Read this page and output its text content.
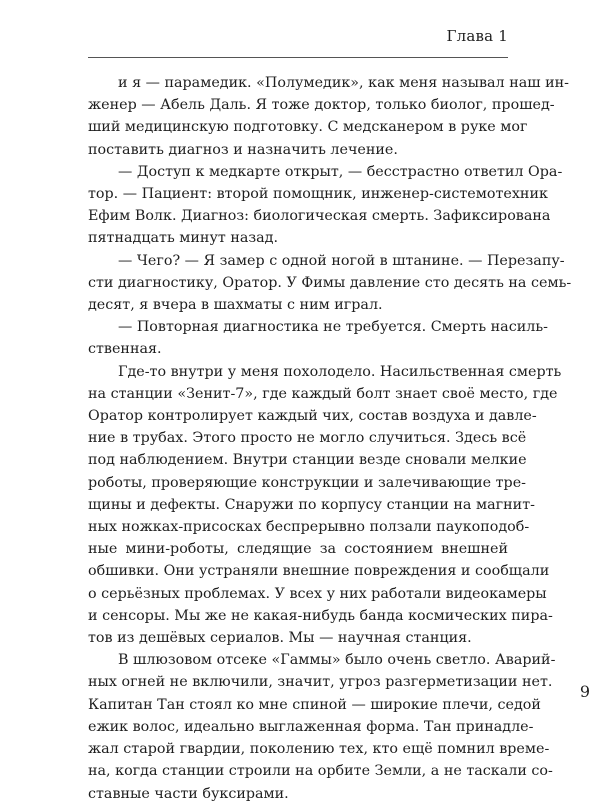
Глава 1

и я — парамедик. «Полумедик», как меня называл наш ин-
женер — Абель Даль. Я тоже доктор, только биолог, прошед-
ший медицинскую подготовку. С медсканером в руке мог
поставить диагноз и назначить лечение.

— Доступ к медкарте открыт, — бесстрастно ответил Ора-
тор. — Пациент: второй помощник, инженер-системотехник
Ефим Волк. Диагноз: биологическая смерть. Зафиксирована
пятнадцать минут назад.

— Чего? — Я замер с одной ногой в штанине. — Перезапу-
сти диагностику, Оратор. У Фимы давление сто десять на семь-
десят, я вчера в шахматы с ним играл.

— Повторная диагностика не требуется. Смерть насиль-
ственная.

Где-то внутри у меня похолодело. Насильственная смерть
на станции «Зенит-7», где каждый болт знает своё место, где
Оратор контролирует каждый чих, состав воздуха и давле-
ние в трубах. Этого просто не могло случиться. Здесь всё
под наблюдением. Внутри станции везде сновали мелкие
роботы, проверяющие конструкции и залечивающие тре-
щины и дефекты. Снаружи по корпусу станции на магнит-
ных ножках-присосках беспрерывно ползали паукоподоб-
ные мини-роботы, следящие за состоянием внешней
обшивки. Они устраняли внешние повреждения и сообщали
о серьёзных проблемах. У всех у них работали видеокамеры
и сенсоры. Мы же не какая-нибудь банда космических пира-
тов из дешёвых сериалов. Мы — научная станция.

В шлюзовом отсеке «Гаммы» было очень светло. Аварий-
ных огней не включили, значит, угроз разгерметизации нет.
Капитан Тан стоял ко мне спиной — широкие плечи, седой
ежик волос, идеально выглаженная форма. Тан принадле-
жал старой гвардии, поколению тех, кто ещё помнил време-
на, когда станции строили на орбите Земли, а не таскали со-
ставные части буксирами.

9
